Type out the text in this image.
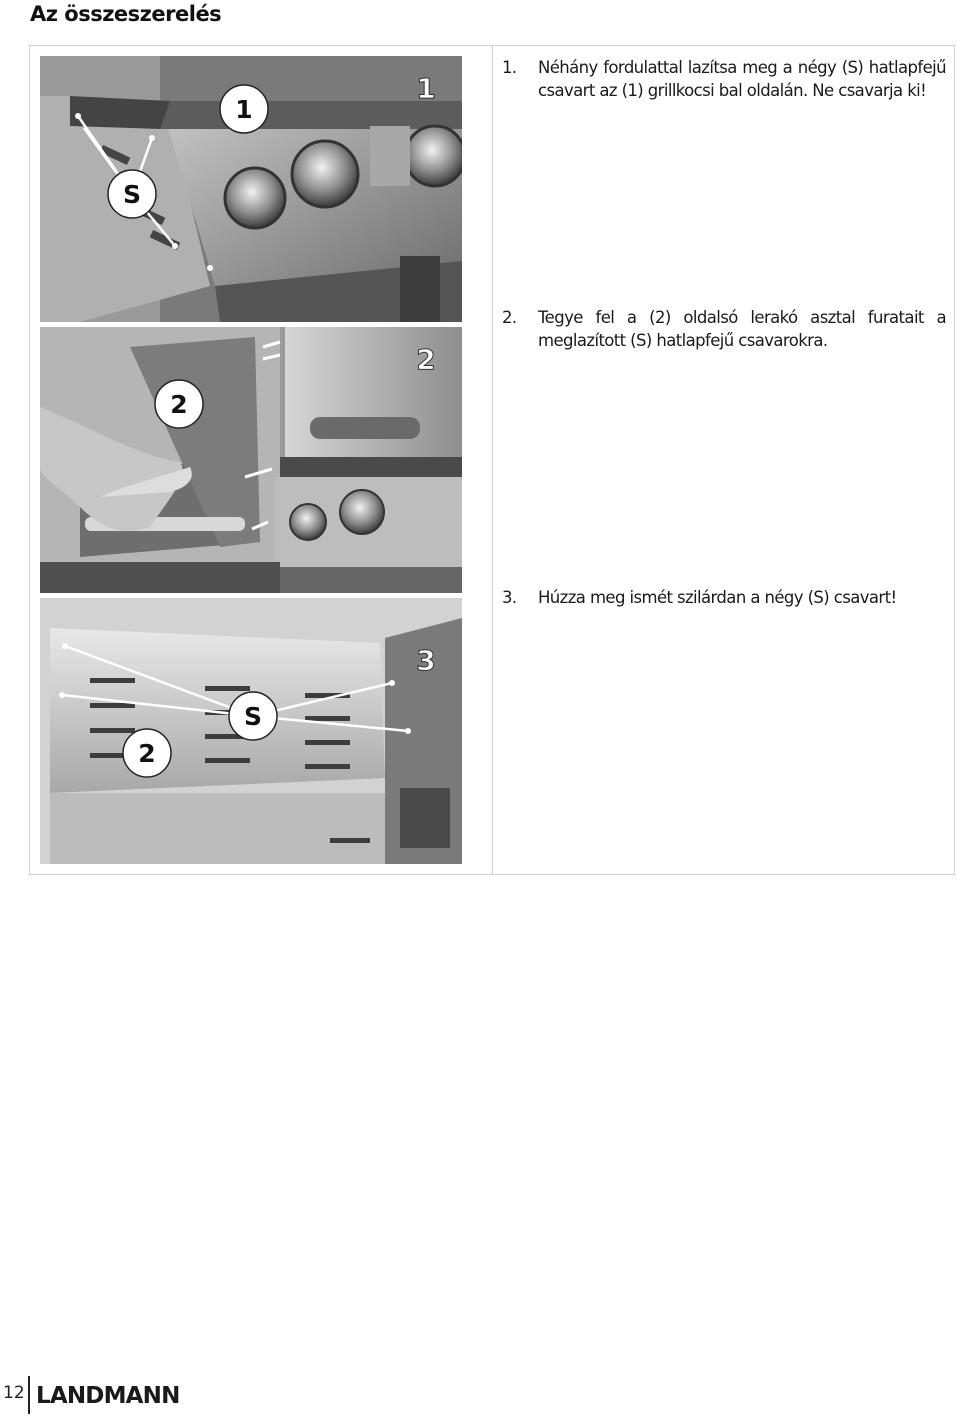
Az összeszerelés
1
S
1
2
2
S
2
3
1. Néhány fordulattal lazítsa meg a négy (S) hatlapfejű csavart az (1) grillkocsi bal oldalán. Ne csavarja ki!
2. Tegye fel a (2) oldalsó lerakó asztal furatait a meglazított (S) hatlapfejű csavarokra.
3. Húzza meg ismét szilárdan a négy (S) csavart!
12 LANDMANN
